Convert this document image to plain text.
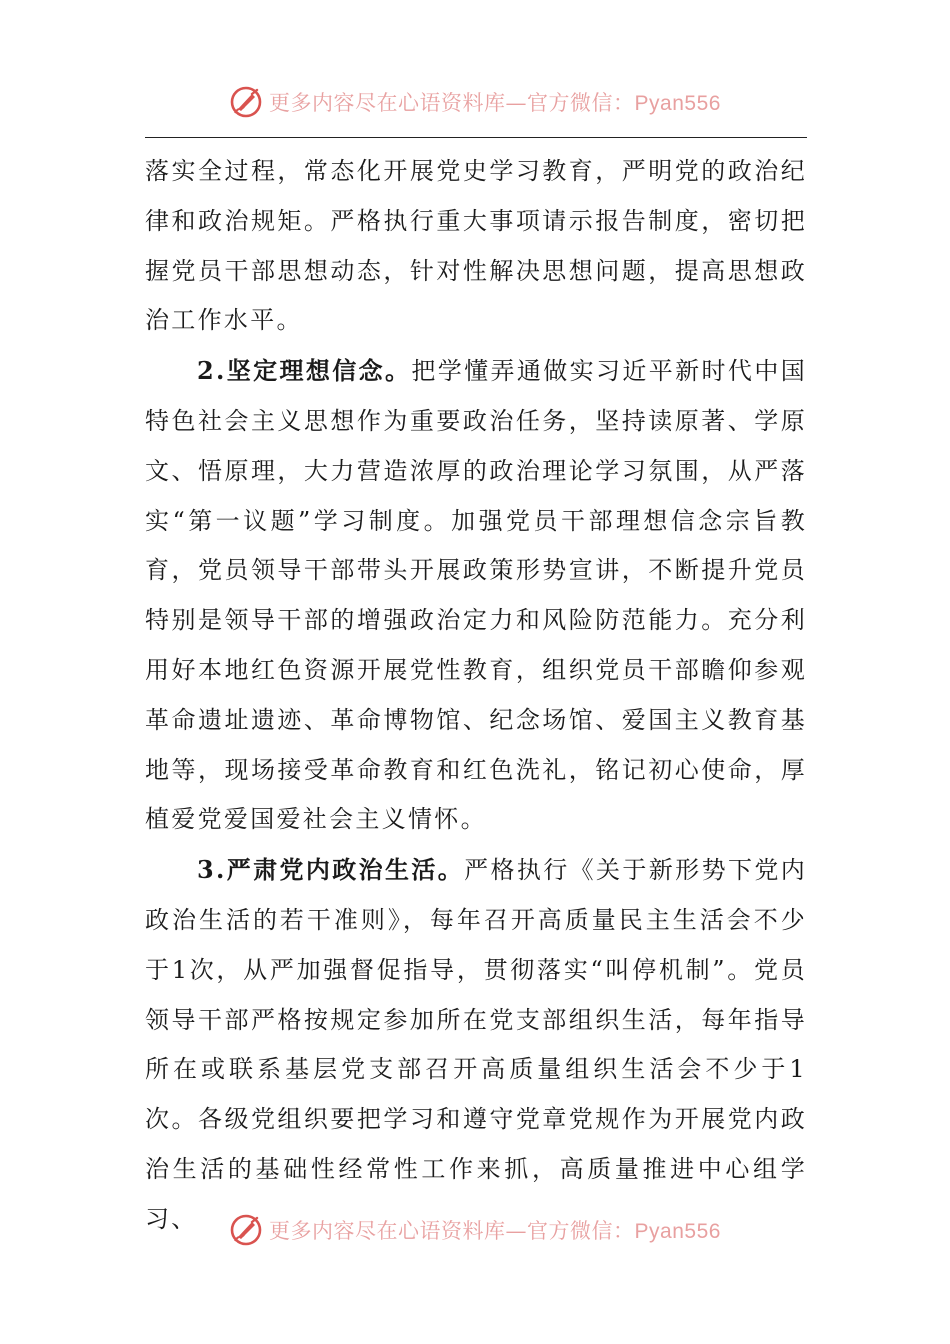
更多内容尽在心语资料库—官方微信：Pyan556

落实全过程，常态化开展党史学习教育，严明党的政治纪律和政治规矩。严格执行重大事项请示报告制度，密切把握党员干部思想动态，针对性解决思想问题，提高思想政治工作水平。

2.坚定理想信念。把学懂弄通做实习近平新时代中国特色社会主义思想作为重要政治任务，坚持读原著、学原文、悟原理，大力营造浓厚的政治理论学习氛围，从严落实“第一议题”学习制度。加强党员干部理想信念宗旨教育，党员领导干部带头开展政策形势宣讲，不断提升党员特别是领导干部的增强政治定力和风险防范能力。充分利用好本地红色资源开展党性教育，组织党员干部瞻仰参观革命遗址遗迹、革命博物馆、纪念场馆、爱国主义教育基地等，现场接受革命教育和红色洗礼，铭记初心使命，厚植爱党爱国爱社会主义情怀。

3.严肃党内政治生活。严格执行《关于新形势下党内政治生活的若干准则》，每年召开高质量民主生活会不少于1次，从严加强督促指导，贯彻落实“叫停机制”。党员领导干部严格按规定参加所在党支部组织生活，每年指导所在或联系基层党支部召开高质量组织生活会不少于1次。各级党组织要把学习和遵守党章党规作为开展党内政治生活的基础性经常性工作来抓，高质量推进中心组学习、	更多内容尽在心语资料库—官方微信：Pyan556
